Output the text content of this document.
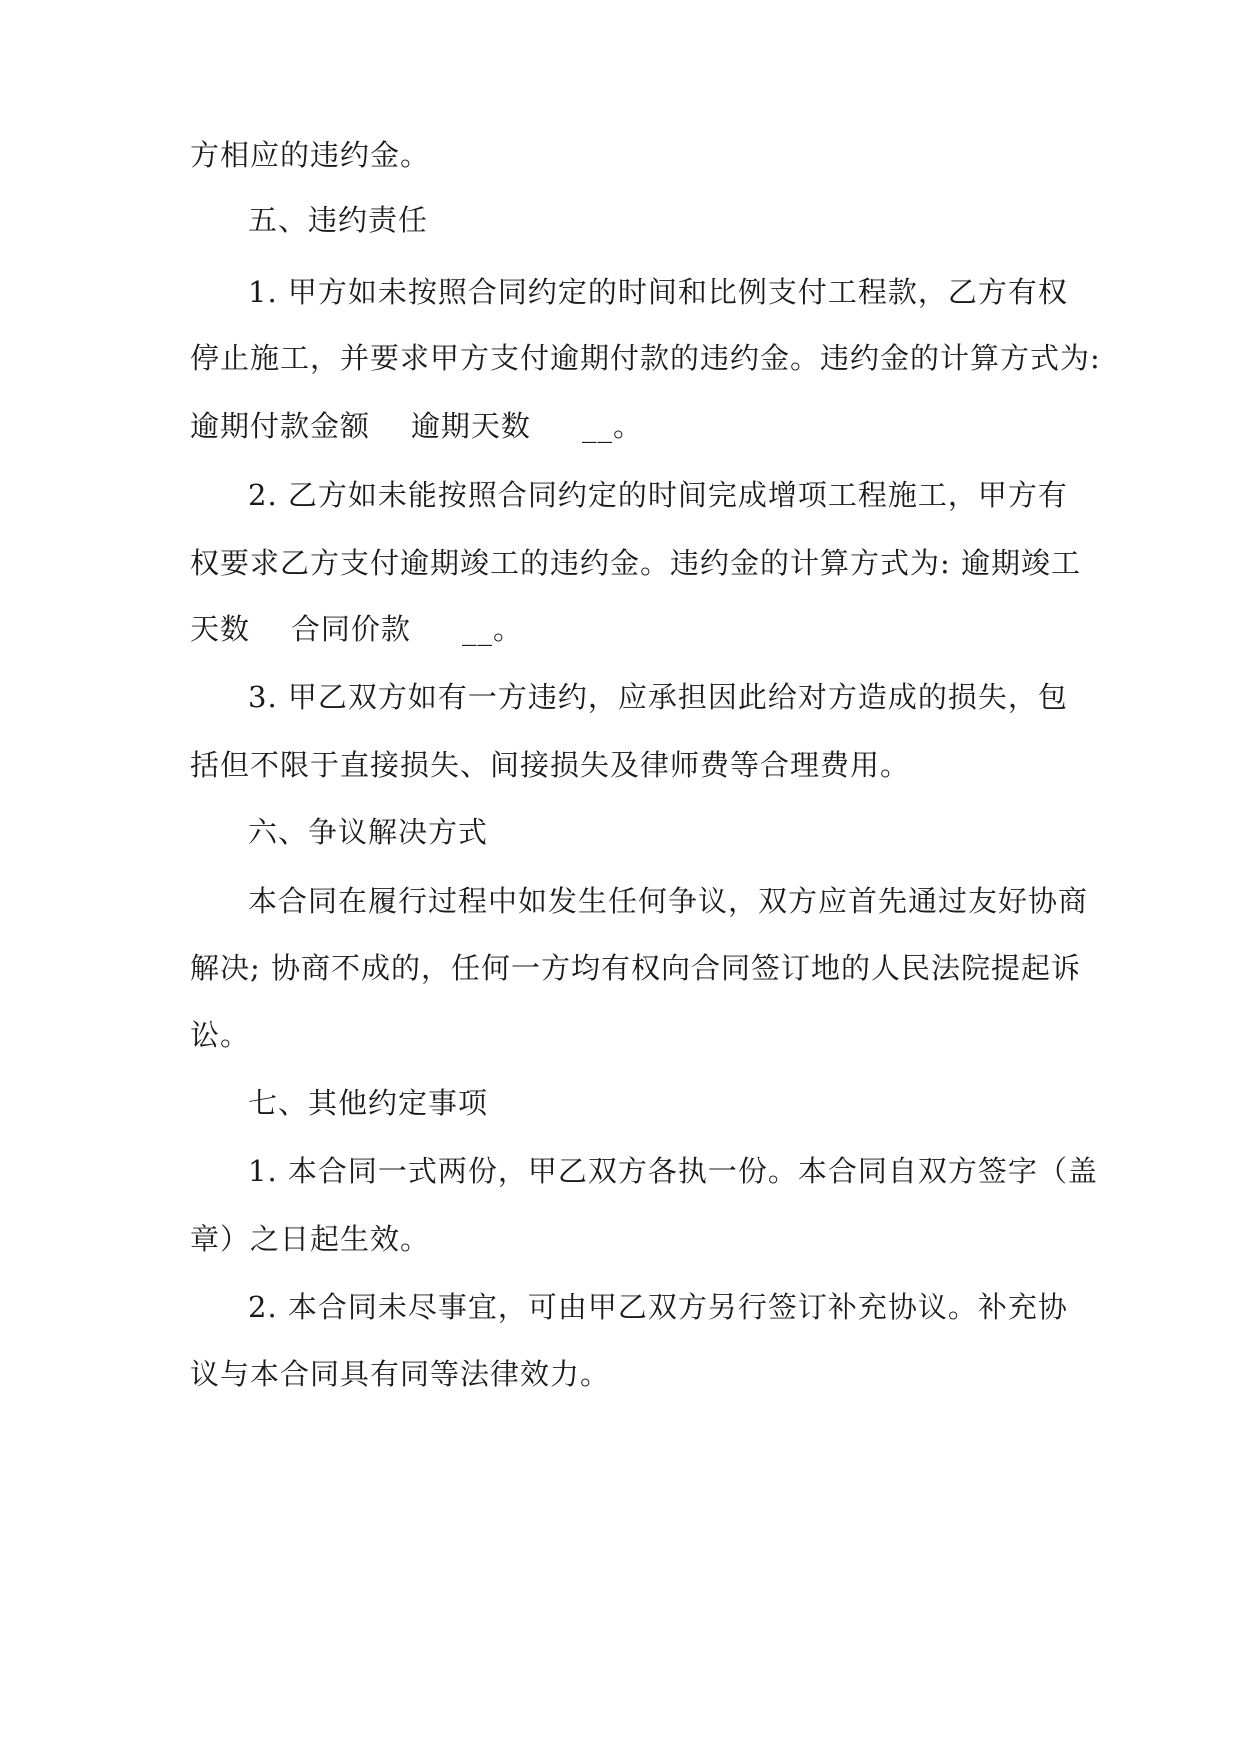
方相应的违约金。
五、违约责任
1. 甲方如未按照合同约定的时间和比例支付工程款，乙方有权
停止施工，并要求甲方支付逾期付款的违约金。违约金的计算方式为:
逾期付款金额    逾期天数     __。
2. 乙方如未能按照合同约定的时间完成增项工程施工，甲方有
权要求乙方支付逾期竣工的违约金。违约金的计算方式为: 逾期竣工
天数    合同价款     __。
3. 甲乙双方如有一方违约，应承担因此给对方造成的损失，包
括但不限于直接损失、间接损失及律师费等合理费用。
六、争议解决方式
本合同在履行过程中如发生任何争议，双方应首先通过友好协商
解决; 协商不成的，任何一方均有权向合同签订地的人民法院提起诉
讼。
七、其他约定事项
1. 本合同一式两份，甲乙双方各执一份。本合同自双方签字（盖
章）之日起生效。
2. 本合同未尽事宜，可由甲乙双方另行签订补充协议。补充协
议与本合同具有同等法律效力。
